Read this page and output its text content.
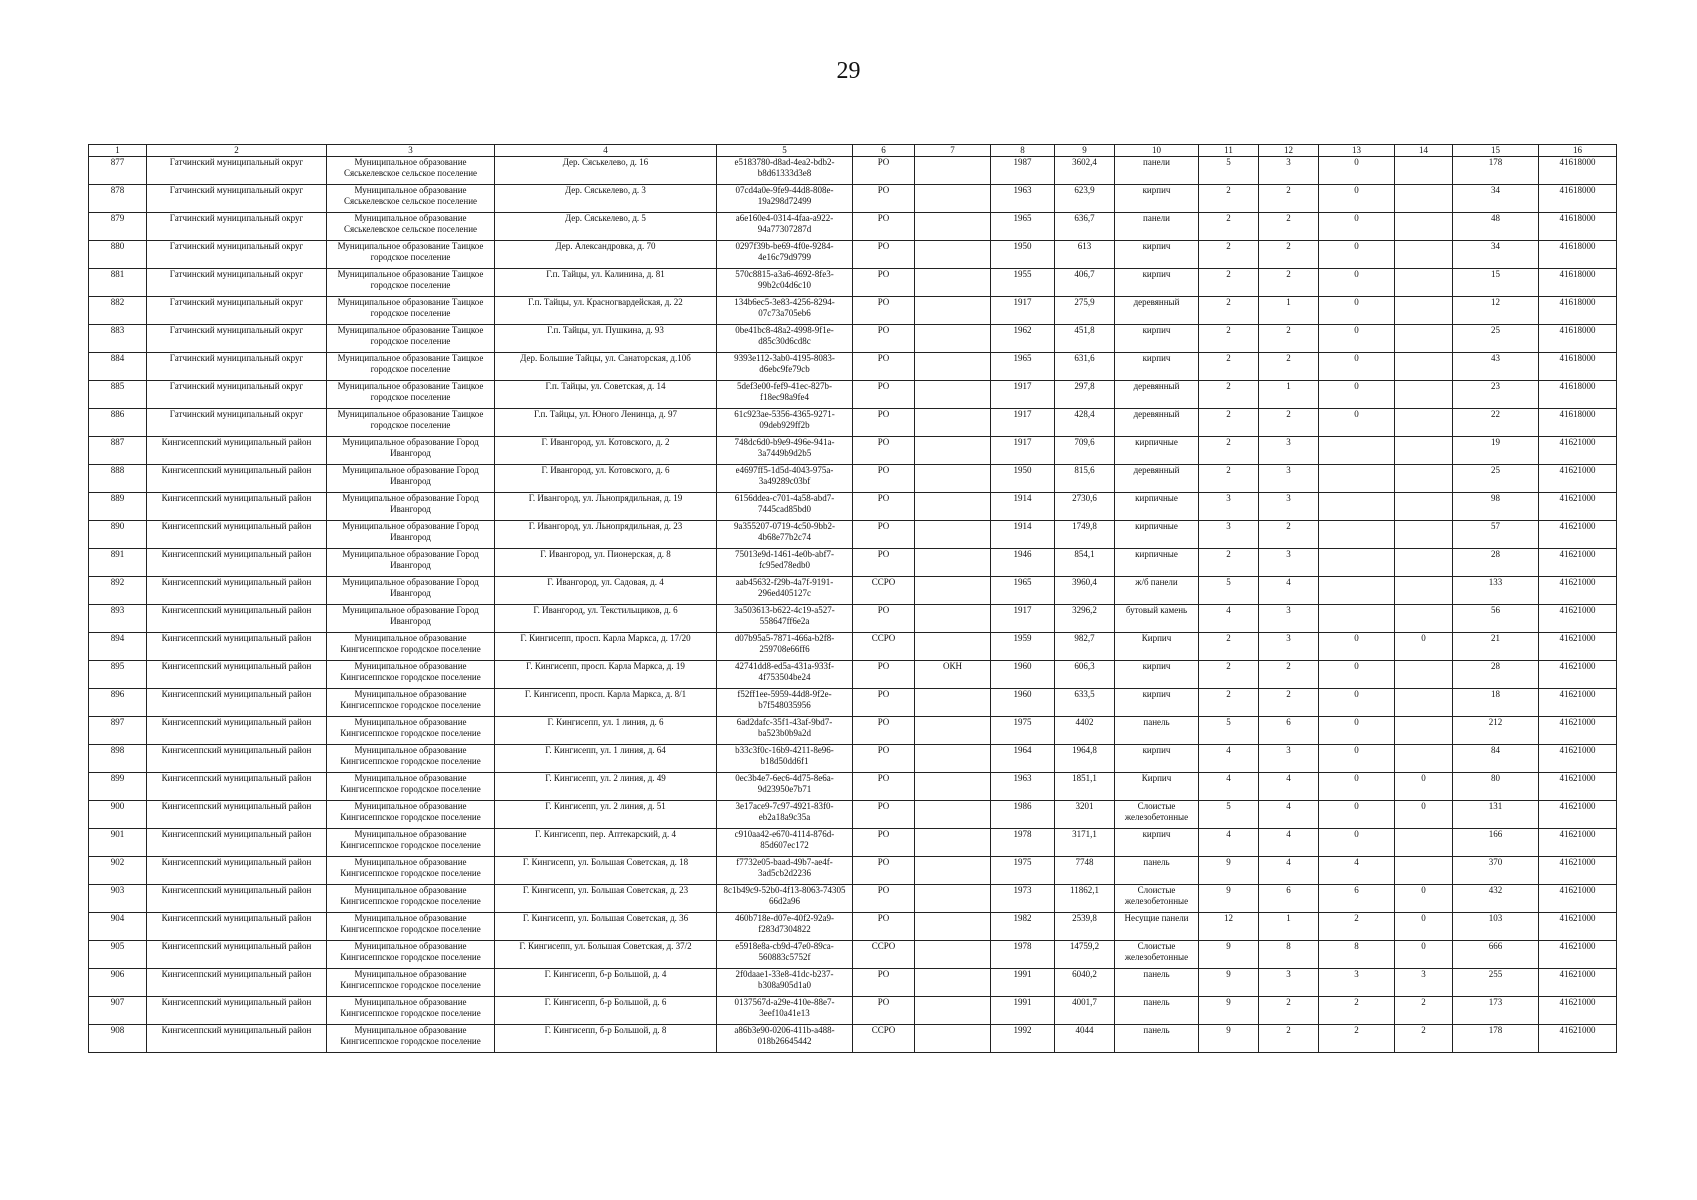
29
1	2	3	4	5	6	7	8	9	10	11	12	13	14	15	16
877	Гатчинский муниципальный округ	Муниципальное образование Сяськелевское сельское поселение	Дер. Сяськелево, д. 16	e5183780-d8ad-4ea2-bdb2-b8d61333d3e8	РО		1987	3602,4	панели	5	3	0		178	41618000
878	Гатчинский муниципальный округ	Муниципальное образование Сяськелевское сельское поселение	Дер. Сяськелево, д. 3	07cd4a0e-9fe9-44d8-808e-19a298d72499	РО		1963	623,9	кирпич	2	2	0		34	41618000
879	Гатчинский муниципальный округ	Муниципальное образование Сяськелевское сельское поселение	Дер. Сяськелево, д. 5	a6e160e4-0314-4faa-a922-94a77307287d	РО		1965	636,7	панели	2	2	0		48	41618000
880	Гатчинский муниципальный округ	Муниципальное образование Таицкое городское поселение	Дер. Александровка, д. 70	0297f39b-be69-4f0e-9284-4e16c79d9799	РО		1950	613	кирпич	2	2	0		34	41618000
881	Гатчинский муниципальный округ	Муниципальное образование Таицкое городское поселение	Г.п. Тайцы, ул. Калинина, д. 81	570c8815-a3a6-4692-8fe3-99b2c04d6c10	РО		1955	406,7	кирпич	2	2	0		15	41618000
882	Гатчинский муниципальный округ	Муниципальное образование Таицкое городское поселение	Г.п. Тайцы, ул. Красногвардейская, д. 22	134b6ec5-3e83-4256-8294-07c73a705eb6	РО		1917	275,9	деревянный	2	1	0		12	41618000
883	Гатчинский муниципальный округ	Муниципальное образование Таицкое городское поселение	Г.п. Тайцы, ул. Пушкина, д. 93	0be41bc8-48a2-4998-9f1e-d85c30d6cd8c	РО		1962	451,8	кирпич	2	2	0		25	41618000
884	Гатчинский муниципальный округ	Муниципальное образование Таицкое городское поселение	Дер. Большие Тайцы, ул. Санаторская, д.10б	9393e112-3ab0-4195-8083-d6ebc9fe79cb	РО		1965	631,6	кирпич	2	2	0		43	41618000
885	Гатчинский муниципальный округ	Муниципальное образование Таицкое городское поселение	Г.п. Тайцы, ул. Советская, д. 14	5def3e00-fef9-41ec-827b-f18ec98a9fe4	РО		1917	297,8	деревянный	2	1	0		23	41618000
886	Гатчинский муниципальный округ	Муниципальное образование Таицкое городское поселение	Г.п. Тайцы, ул. Юного Ленинца, д. 97	61c923ae-5356-4365-9271-09deb929ff2b	РО		1917	428,4	деревянный	2	2	0		22	41618000
887	Кингисеппский муниципальный район	Муниципальное образование Город Ивангород	Г. Ивангород, ул. Котовского, д. 2	748dc6d0-b9e9-496e-941a-3a7449b9d2b5	РО		1917	709,6	кирпичные	2	3			19	41621000
888	Кингисеппский муниципальный район	Муниципальное образование Город Ивангород	Г. Ивангород, ул. Котовского, д. 6	e4697ff5-1d5d-4043-975a-3a49289c03bf	РО		1950	815,6	деревянный	2	3			25	41621000
889	Кингисеппский муниципальный район	Муниципальное образование Город Ивангород	Г. Ивангород, ул. Льнопрядильная, д. 19	6156ddea-c701-4a58-abd7-7445cad85bd0	РО		1914	2730,6	кирпичные	3	3			98	41621000
890	Кингисеппский муниципальный район	Муниципальное образование Город Ивангород	Г. Ивангород, ул. Льнопрядильная, д. 23	9a355207-0719-4c50-9bb2-4b68e77b2c74	РО		1914	1749,8	кирпичные	3	2			57	41621000
891	Кингисеппский муниципальный район	Муниципальное образование Город Ивангород	Г. Ивангород, ул. Пионерская, д. 8	75013e9d-1461-4e0b-abf7-fc95ed78edb0	РО		1946	854,1	кирпичные	2	3			28	41621000
892	Кингисеппский муниципальный район	Муниципальное образование Город Ивангород	Г. Ивангород, ул. Садовая, д. 4	aab45632-f29b-4a7f-9191-296ed405127c	ССРО		1965	3960,4	ж/б панели	5	4			133	41621000
893	Кингисеппский муниципальный район	Муниципальное образование Город Ивангород	Г. Ивангород, ул. Текстильщиков, д. 6	3a503613-b622-4c19-a527-558647ff6e2a	РО		1917	3296,2	бутовый камень	4	3			56	41621000
894	Кингисеппский муниципальный район	Муниципальное образование Кингисеппское городское поселение	Г. Кингисепп, просп. Карла Маркса, д. 17/20	d07b95a5-7871-466a-b2f8-259708e66ff6	ССРО		1959	982,7	Кирпич	2	3	0	0	21	41621000
895	Кингисеппский муниципальный район	Муниципальное образование Кингисеппское городское поселение	Г. Кингисепп, просп. Карла Маркса, д. 19	42741dd8-ed5a-431a-933f-4f753504be24	РО	ОКН	1960	606,3	кирпич	2	2	0		28	41621000
896	Кингисеппский муниципальный район	Муниципальное образование Кингисеппское городское поселение	Г. Кингисепп, просп. Карла Маркса, д. 8/1	f52ff1ee-5959-44d8-9f2e-b7f548035956	РО		1960	633,5	кирпич	2	2	0		18	41621000
897	Кингисеппский муниципальный район	Муниципальное образование Кингисеппское городское поселение	Г. Кингисепп, ул. 1 линия, д. 6	6ad2dafc-35f1-43af-9bd7-ba523b0b9a2d	РО		1975	4402	панель	5	6	0		212	41621000
898	Кингисеппский муниципальный район	Муниципальное образование Кингисеппское городское поселение	Г. Кингисепп, ул. 1 линия, д. 64	b33c3f0c-16b9-4211-8e96-b18d50dd6f1	РО		1964	1964,8	кирпич	4	3	0		84	41621000
899	Кингисеппский муниципальный район	Муниципальное образование Кингисеппское городское поселение	Г. Кингисепп, ул. 2 линия, д. 49	0ec3b4e7-6ec6-4d75-8e6a-9d23950e7b71	РО		1963	1851,1	Кирпич	4	4	0	0	80	41621000
900	Кингисеппский муниципальный район	Муниципальное образование Кингисеппское городское поселение	Г. Кингисепп, ул. 2 линия, д. 51	3e17ace9-7c97-4921-83f0-eb2a18a9c35a	РО		1986	3201	Слоистые железобетонные	5	4	0	0	131	41621000
901	Кингисеппский муниципальный район	Муниципальное образование Кингисеппское городское поселение	Г. Кингисепп, пер. Аптекарский, д. 4	c910aa42-e670-4114-876d-85d607ec172	РО		1978	3171,1	кирпич	4	4	0		166	41621000
902	Кингисеппский муниципальный район	Муниципальное образование Кингисеппское городское поселение	Г. Кингисепп, ул. Большая Советская, д. 18	f7732e05-baad-49b7-ae4f-3ad5cb2d2236	РО		1975	7748	панель	9	4	4		370	41621000
903	Кингисеппский муниципальный район	Муниципальное образование Кингисеппское городское поселение	Г. Кингисепп, ул. Большая Советская, д. 23	8c1b49c9-52b0-4f13-8063-74305 66d2a96	РО		1973	11862,1	Слоистые железобетонные	9	6	6	0	432	41621000
904	Кингисеппский муниципальный район	Муниципальное образование Кингисеппское городское поселение	Г. Кингисепп, ул. Большая Советская, д. 36	460b718e-d07e-40f2-92a9-f283d7304822	РО		1982	2539,8	Несущие панели	12	1	2	0	103	41621000
905	Кингисеппский муниципальный район	Муниципальное образование Кингисеппское городское поселение	Г. Кингисепп, ул. Большая Советская, д. 37/2	e5918e8a-cb9d-47e0-89ca-560883c5752f	ССРО		1978	14759,2	Слоистые железобетонные	9	8	8	0	666	41621000
906	Кингисеппский муниципальный район	Муниципальное образование Кингисеппское городское поселение	Г. Кингисепп, б-р Большой, д. 4	2f0daae1-33e8-41dc-b237-b308a905d1a0	РО		1991	6040,2	панель	9	3	3	3	255	41621000
907	Кингисеппский муниципальный район	Муниципальное образование Кингисеппское городское поселение	Г. Кингисепп, б-р Большой, д. 6	0137567d-a29e-410e-88e7-3eef10a41e13	РО		1991	4001,7	панель	9	2	2	2	173	41621000
908	Кингисеппский муниципальный район	Муниципальное образование Кингисеппское городское поселение	Г. Кингисепп, б-р Большой, д. 8	a86b3e90-0206-411b-a488-018b26645442	ССРО		1992	4044	панель	9	2	2	2	178	41621000
